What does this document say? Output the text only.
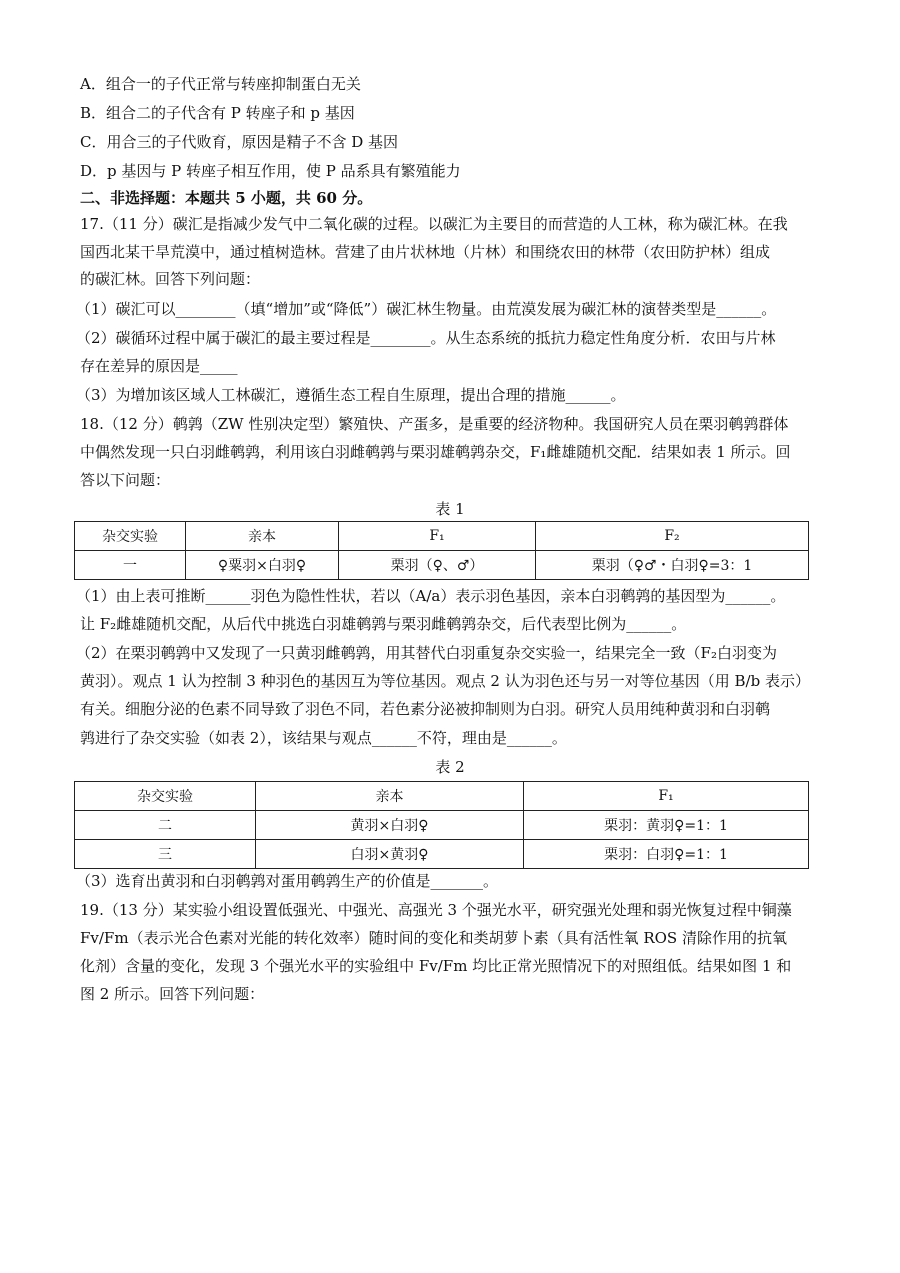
A．组合一的子代正常与转座抑制蛋白无关
B．组合二的子代含有 P 转座子和 p 基因
C．用合三的子代败育，原因是精子不含 D 基因
D．p 基因与 P 转座子相互作用，使 P 品系具有繁殖能力
二、非选择题：本题共 5 小题，共 60 分。
17.（11 分）碳汇是指减少发气中二氧化碳的过程。以碳汇为主要目的而营造的人工林，称为碳汇林。在我
国西北某干旱荒漠中，通过植树造林。营建了由片状林地（片林）和围绕农田的林带（农田防护林）组成
的碳汇林。回答下列问题：
（1）碳汇可以________（填“增加”或“降低”）碳汇林生物量。由荒漠发展为碳汇林的演替类型是______。
（2）碳循环过程中属于碳汇的最主要过程是________。从生态系统的抵抗力稳定性角度分析．农田与片林
存在差异的原因是_____
（3）为增加该区域人工林碳汇，遵循生态工程自生原理，提出合理的措施______。
18.（12 分）鹌鹑（ZW 性别决定型）繁殖快、产蛋多，是重要的经济物种。我国研究人员在栗羽鹌鹑群体
中偶然发现一只白羽雌鹌鹑，利用该白羽雌鹌鹑与栗羽雄鹌鹑杂交，F₁雌雄随机交配．结果如表 1 所示。回
答以下问题：
表 1
杂交实验	亲本	F₁	F₂
一	♀粟羽×白羽♀	栗羽（♀、♂）	栗羽（♀♂・白羽♀=3：1
（1）由上表可推断______羽色为隐性性状，若以（A/a）表示羽色基因，亲本白羽鹌鹑的基因型为______。
让 F₂雌雄随机交配，从后代中挑选白羽雄鹌鹑与栗羽雌鹌鹑杂交，后代表型比例为______。
（2）在栗羽鹌鹑中又发现了一只黄羽雌鹌鹑，用其替代白羽重复杂交实验一，结果完全一致（F₂白羽变为
黄羽）。观点 1 认为控制 3 种羽色的基因互为等位基因。观点 2 认为羽色还与另一对等位基因（用 B/b 表示）
有关。细胞分泌的色素不同导致了羽色不同，若色素分泌被抑制则为白羽。研究人员用纯种黄羽和白羽鹌
鹑进行了杂交实验（如表 2），该结果与观点______不符，理由是______。
表 2
杂交实验	亲本	F₁
二	黄羽×白羽♀	栗羽：黄羽♀=1：1
三	白羽×黄羽♀	栗羽：白羽♀=1：1
（3）选育出黄羽和白羽鹌鹑对蛋用鹌鹑生产的价值是_______。
19.（13 分）某实验小组设置低强光、中强光、高强光 3 个强光水平，研究强光处理和弱光恢复过程中铜藻
Fv/Fm（表示光合色素对光能的转化效率）随时间的变化和类胡萝卜素（具有活性氧 ROS 清除作用的抗氧
化剂）含量的变化，发现 3 个强光水平的实验组中 Fv/Fm 均比正常光照情况下的对照组低。结果如图 1 和
图 2 所示。回答下列问题：
